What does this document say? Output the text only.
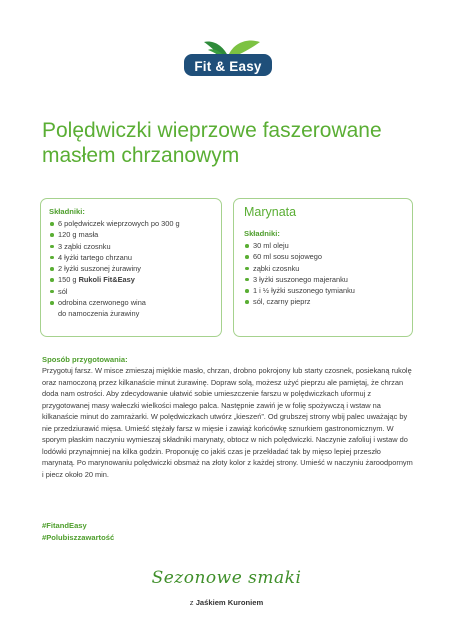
Fit & Easy
Polędwiczki wieprzowe faszerowane
masłem chrzanowym

Składniki:

6 polędwiczek wieprzowych po 300 g
120 g masła
3 ząbki czosnku
4 łyżki tartego chrzanu
2 łyżki suszonej żurawiny
150 g Rukoli Fit&Easy
sól
odrobina czerwonego wina
do namoczenia żurawiny
Marynata

Składniki:

30 ml oleju
60 ml sosu sojowego
ząbki czosnku
3 łyżki suszonego majeranku
1 i ½ łyżki suszonego tymianku
sól, czarny pieprz

Sposób przygotowania:

Przygotuj farsz. W misce zmieszaj miękkie masło, chrzan, drobno pokrojony lub starty czosnek, posiekaną rukolę oraz namoczoną przez kilkanaście minut żurawinę. Dopraw solą, możesz użyć pieprzu ale pamiętaj, że chrzan doda nam ostrości. Aby zdecydowanie ułatwić sobie umieszczenie farszu w polędwiczkach uformuj z przygotowanej masy wałeczki wielkości małego palca. Następnie zawiń je w folię spożywczą i wstaw na kilkanaście minut do zamrażarki. W polędwiczkach utwórz „kieszeń”. Od grubszej strony wbij palec uważając by nie przedziurawić mięsa. Umieść stężały farsz w mięsie i zawiąż końcówkę sznurkiem gastronomicznym. W sporym płaskim naczyniu wymieszaj składniki marynaty, obtocz w nich polędwiczki. Naczynie zafoliuj i wstaw do lodówki przynajmniej na kilka godzin. Proponuję co jakiś czas je przekładać tak by mięso lepiej przeszło marynatą. Po marynowaniu polędwiczki obsmaż na złoty kolor z każdej strony. Umieść w naczyniu żaroodpornym i piecz około 20 min.

#FitandEasy
#Polubiszzawartość
Sezonowe smaki
z Jaśkiem Kuroniem
